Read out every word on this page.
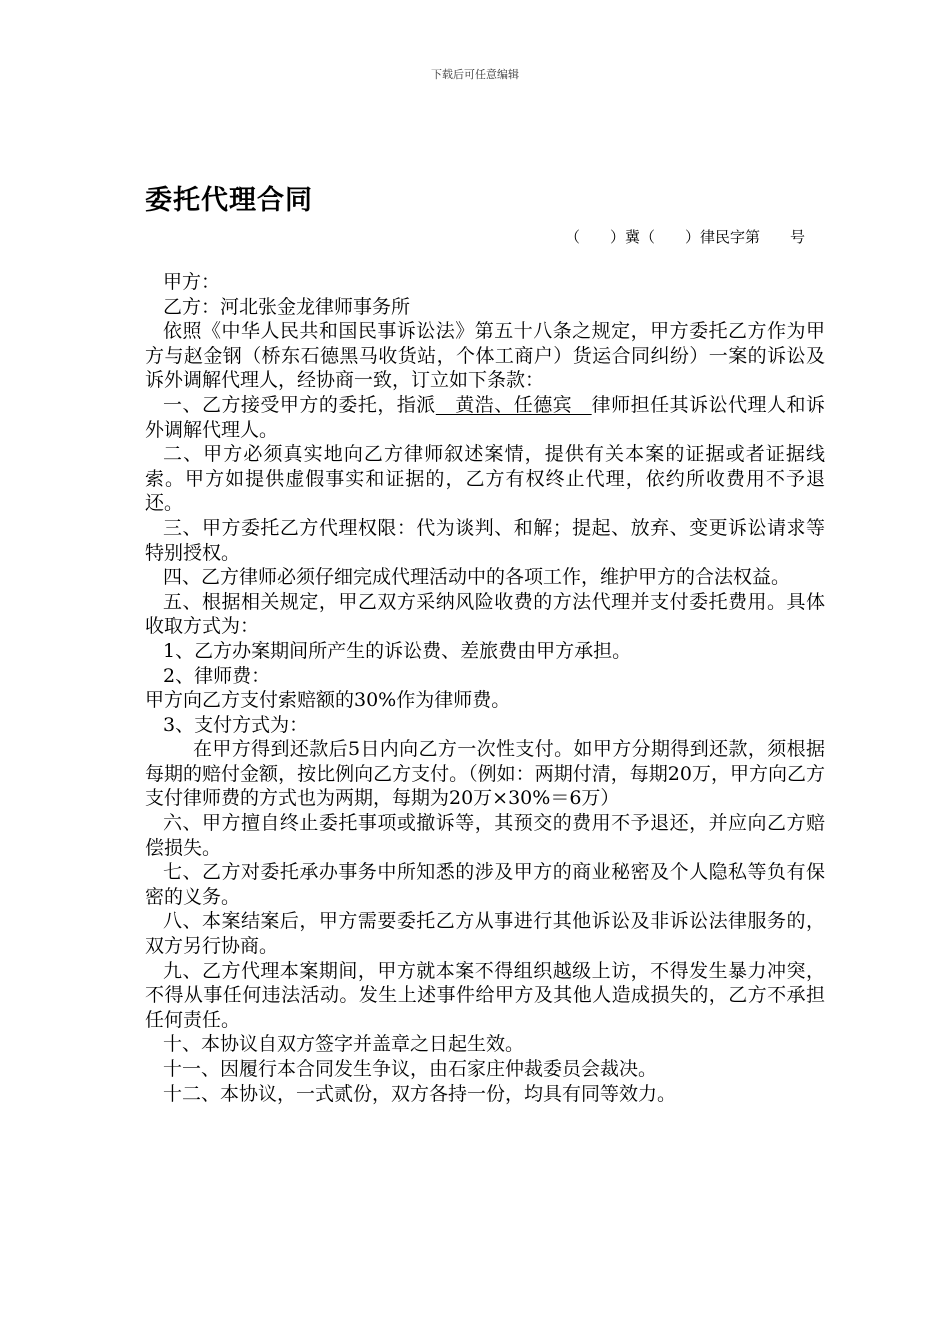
下载后可任意编辑
委托代理合同
（　　）冀（　　）律民字第　　号

甲方：

乙方：河北张金龙律师事务所

依照《中华人民共和国民事诉讼法》第五十八条之规定，甲方委托乙方作为甲方与赵金钢（桥东石德黑马收货站，个体工商户）货运合同纠纷）一案的诉讼及诉外调解代理人，经协商一致，订立如下条款：

一、乙方接受甲方的委托，指派　黄浩、任德宾　律师担任其诉讼代理人和诉外调解代理人。

二、甲方必须真实地向乙方律师叙述案情，提供有关本案的证据或者证据线索。甲方如提供虚假事实和证据的，乙方有权终止代理，依约所收费用不予退还。

三、甲方委托乙方代理权限：代为谈判、和解；提起、放弃、变更诉讼请求等特别授权。

四、乙方律师必须仔细完成代理活动中的各项工作，维护甲方的合法权益。

五、根据相关规定，甲乙双方采纳风险收费的方法代理并支付委托费用。具体收取方式为：

1、乙方办案期间所产生的诉讼费、差旅费由甲方承担。

2、律师费：

甲方向乙方支付索赔额的30%作为律师费。

3、支付方式为：

在甲方得到还款后5日内向乙方一次性支付。如甲方分期得到还款，须根据每期的赔付金额，按比例向乙方支付。（例如：两期付清，每期20万，甲方向乙方支付律师费的方式也为两期，每期为20万×30%＝6万）

六、甲方擅自终止委托事项或撤诉等，其预交的费用不予退还，并应向乙方赔偿损失。

七、乙方对委托承办事务中所知悉的涉及甲方的商业秘密及个人隐私等负有保密的义务。

八、本案结案后，甲方需要委托乙方从事进行其他诉讼及非诉讼法律服务的，双方另行协商。

九、乙方代理本案期间，甲方就本案不得组织越级上访，不得发生暴力冲突，不得从事任何违法活动。发生上述事件给甲方及其他人造成损失的，乙方不承担任何责任。

十、本协议自双方签字并盖章之日起生效。

十一、因履行本合同发生争议，由石家庄仲裁委员会裁决。

十二、本协议，一式贰份，双方各持一份，均具有同等效力。
